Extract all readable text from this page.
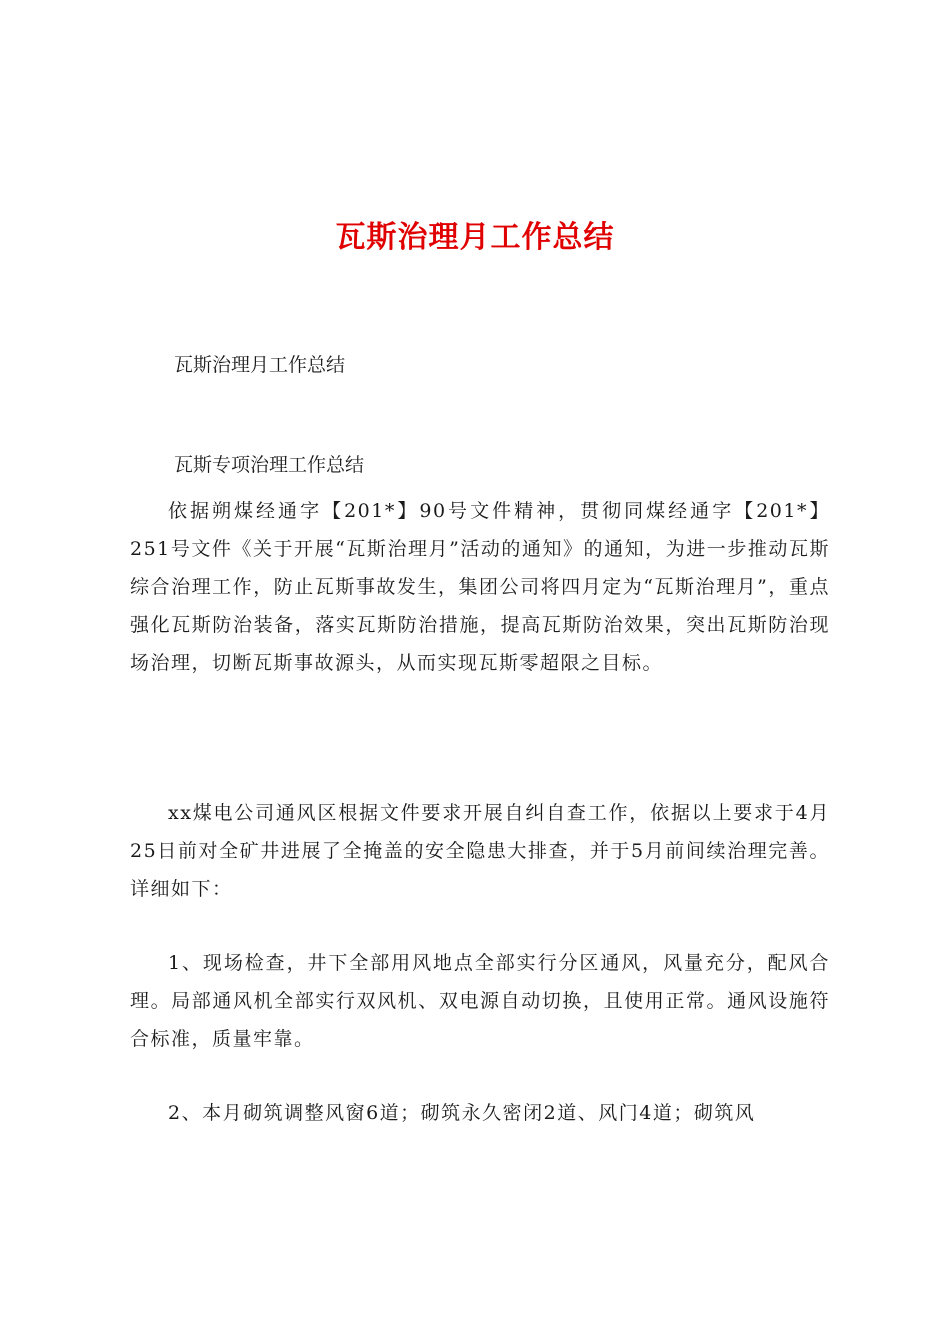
瓦斯治理月工作总结
瓦斯治理月工作总结
瓦斯专项治理工作总结

依据朔煤经通字【201*】90号文件精神，贯彻同煤经通字【201*】251号文件《关于开展“瓦斯治理月”活动的通知》的通知，为进一步推动瓦斯综合治理工作，防止瓦斯事故发生，集团公司将四月定为“瓦斯治理月”，重点强化瓦斯防治装备，落实瓦斯防治措施，提高瓦斯防治效果，突出瓦斯防治现场治理，切断瓦斯事故源头，从而实现瓦斯零超限之目标。

xx煤电公司通风区根据文件要求开展自纠自查工作，依据以上要求于4月25日前对全矿井进展了全掩盖的安全隐患大排查，并于5月前间续治理完善。详细如下：

1、现场检查，井下全部用风地点全部实行分区通风，风量充分，配风合理。局部通风机全部实行双风机、双电源自动切换，且使用正常。通风设施符合标准，质量牢靠。

2、本月砌筑调整风窗6道；砌筑永久密闭2道、风门4道；砌筑风
